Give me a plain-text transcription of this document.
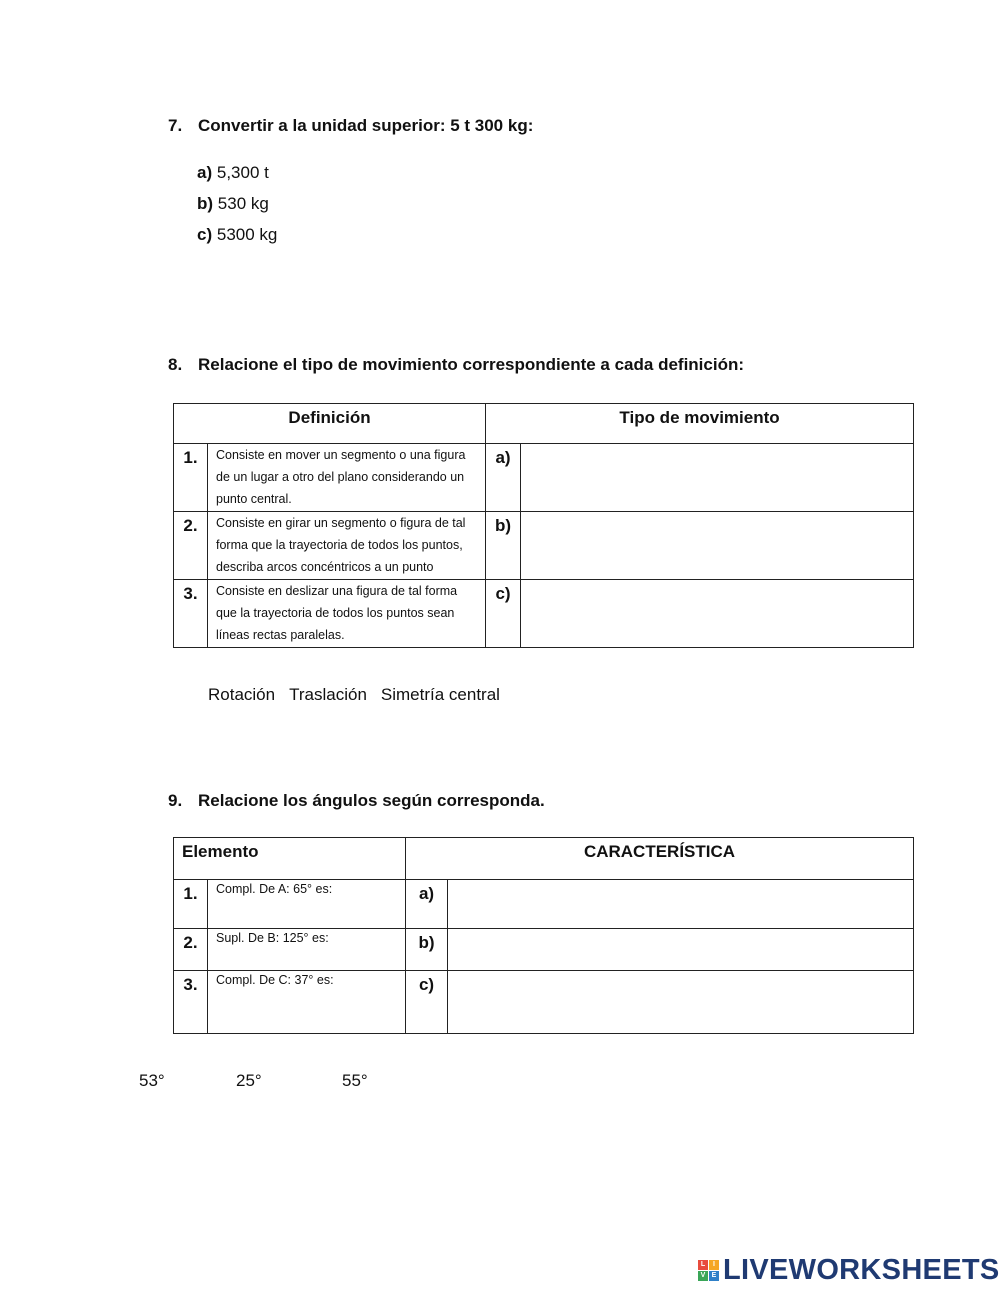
7. Convertir a la unidad superior: 5 t 300 kg:
a) 5,300 t
b) 530 kg
c) 5300 kg
8. Relacione el tipo de movimiento correspondiente a cada definición:
Definición		Tipo de movimiento	
1.	Consiste en mover un segmento o una figura de un lugar a otro del plano considerando un punto central.	a)	
2.	Consiste en girar un segmento o figura de tal forma que la trayectoria de todos los puntos, describa arcos concéntricos a un punto	b)	
3.	Consiste en deslizar una figura de tal forma que la trayectoria de todos los puntos sean líneas rectas paralelas.	c)	
Rotación Traslación Simetría central
9. Relacione los ángulos según corresponda.
Elemento		CARACTERÍSTICA	
1.	Compl. De A: 65° es:	a)	
2.	Supl. De B: 125° es:	b)	
3.	Compl. De C: 37° es:	c)	
53°	25°	55°
L	I
V E LIVEWORKSHEETS
